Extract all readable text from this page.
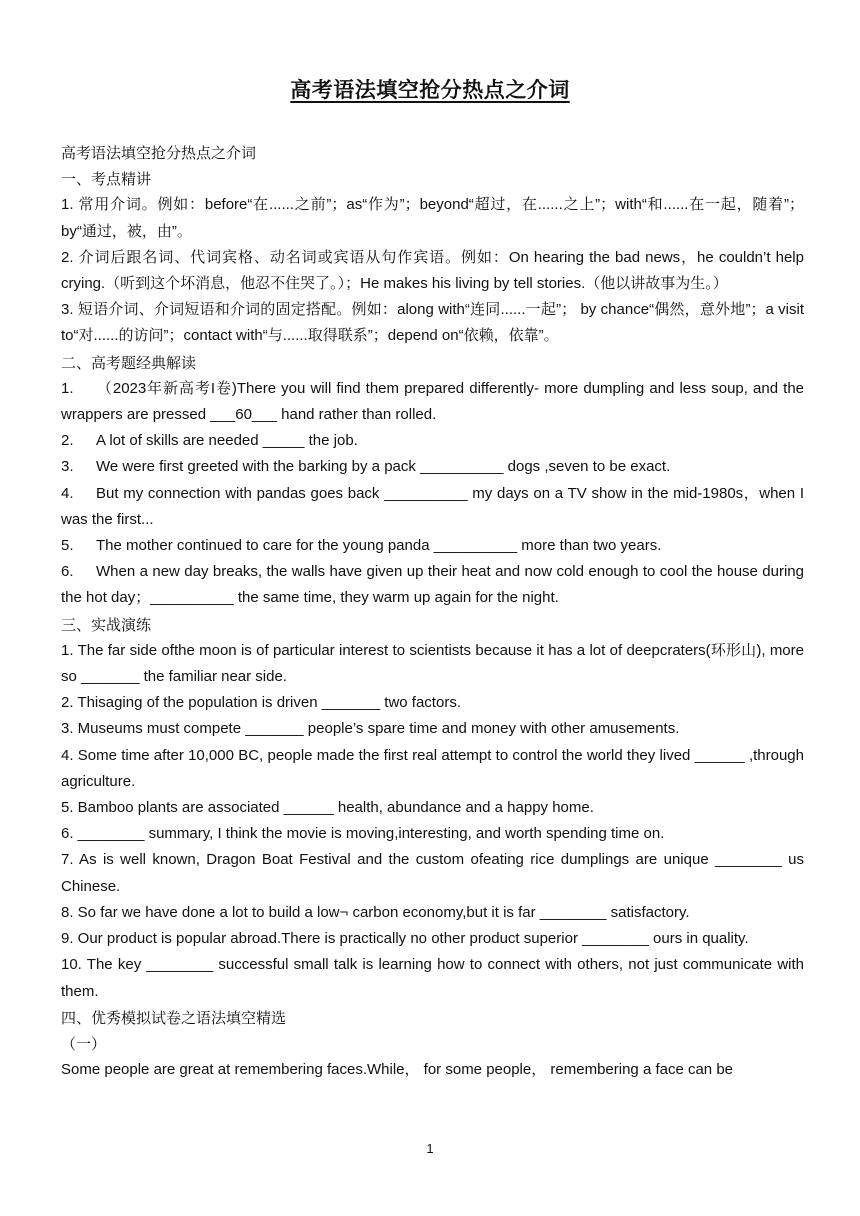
高考语法填空抢分热点之介词

高考语法填空抢分热点之介词

一、考点精讲

1. 常用介词。例如：before“在......之前”；as“作为”；beyond“超过，在......之上”；with“和......在一起，随着”；by“通过，被，由”。

2. 介词后跟名词、代词宾格、动名词或宾语从句作宾语。例如：On hearing the bad news，he couldn’t help crying.（听到这个坏消息，他忍不住哭了。）；He makes his living by tell stories.（他以讲故事为生。）

3. 短语介词、介词短语和介词的固定搭配。例如：along with“连同......一起”； by chance“偶然，意外地”；a visit to“对......的访问”；contact with“与......取得联系”；depend on“依赖，依靠”。

二、高考题经典解读

1. （2023年新高考I卷)There you will find them prepared differently- more dumpling and less soup, and the wrappers are pressed ___60___ hand rather than rolled.

2. A lot of skills are needed _____ the job.

3. We were first greeted with the barking by a pack __________ dogs ,seven to be exact.

4. But my connection with pandas goes back __________ my days on a TV show in the mid-1980s，when I was the first...

5. The mother continued to care for the young panda __________ more than two years.

6. When a new day breaks, the walls have given up their heat and now cold enough to cool the house during the hot day；__________ the same time, they warm up again for the night.

三、实战演练

1. The far side ofthe moon is of particular interest to scientists because it has a lot of deepcraters(环形山), more so _______ the familiar near side.

2. Thisaging of the population is driven _______ two factors.

3. Museums must compete _______ people’s spare time and money with other amusements.

4. Some time after 10,000 BC, people made the first real attempt to control the world they lived ______ ,through agriculture.

5. Bamboo plants are associated ______ health, abundance and a happy home.

6. ________ summary, I think the movie is moving,interesting, and worth spending time on.

7. As is well known, Dragon Boat Festival and the custom ofeating rice dumplings are unique ________ us Chinese.

8. So far we have done a lot to build a low¬ carbon economy,but it is far ________ satisfactory.

9. Our product is popular abroad.There is practically no other product superior ________ ours in quality.

10. The key ________ successful small talk is learning how to connect with others, not just communicate with them.

四、优秀模拟试卷之语法填空精选

（一）

Some people are great at remembering faces.While， for some people， remembering a face can be

1
